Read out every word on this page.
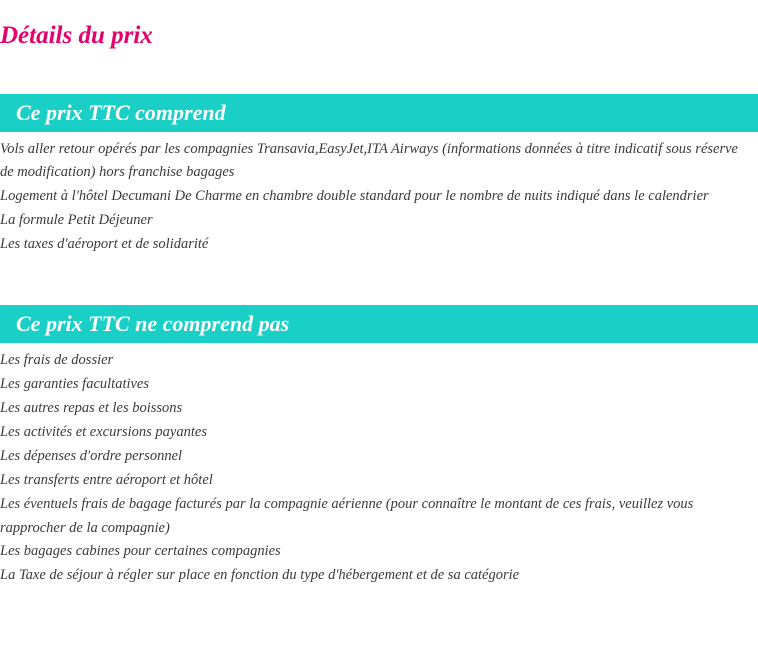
Détails du prix
Ce prix TTC comprend

Vols aller retour opérés par les compagnies Transavia,EasyJet,ITA Airways (informations données à titre indicatif sous réserve de modification) hors franchise bagages

Logement à l'hôtel Decumani De Charme en chambre double standard pour le nombre de nuits indiqué dans le calendrier

La formule Petit Déjeuner

Les taxes d'aéroport et de solidarité

Ce prix TTC ne comprend pas

Les frais de dossier

Les garanties facultatives

Les autres repas et les boissons

Les activités et excursions payantes

Les dépenses d'ordre personnel

Les transferts entre aéroport et hôtel

Les éventuels frais de bagage facturés par la compagnie aérienne (pour connaître le montant de ces frais, veuillez vous rapprocher de la compagnie)

Les bagages cabines pour certaines compagnies

La Taxe de séjour à régler sur place en fonction du type d'hébergement et de sa catégorie
